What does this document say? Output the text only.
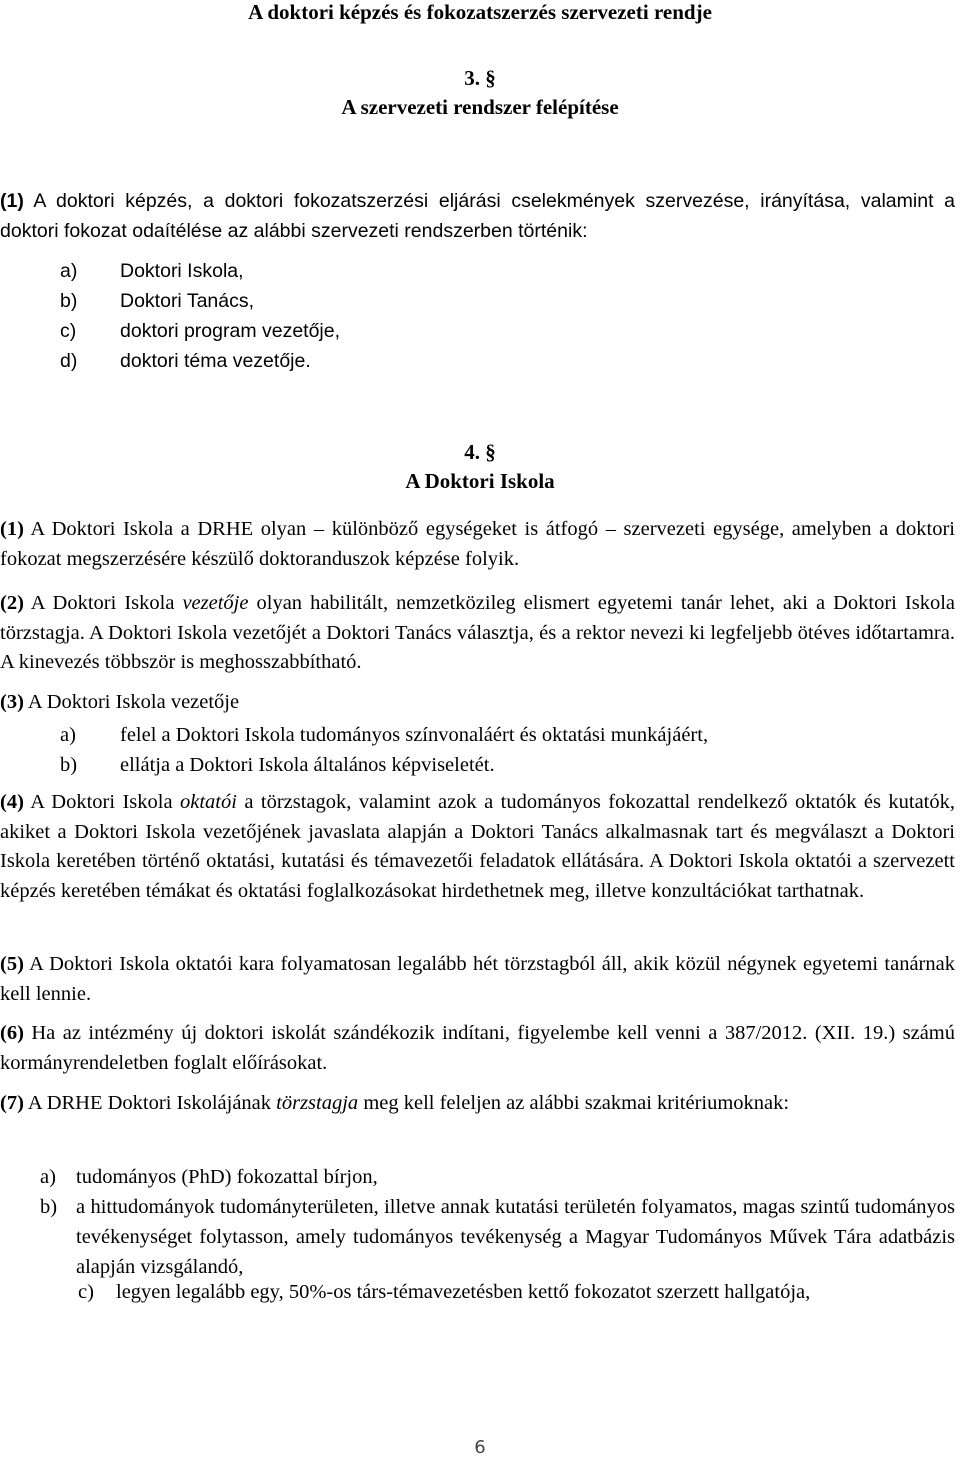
A doktori képzés és fokozatszerzés szervezeti rendje
3. §
A szervezeti rendszer felépítése
(1) A doktori képzés, a doktori fokozatszerzési eljárási cselekmények szervezése, irányítása, valamint a doktori fokozat odaítélése az alábbi szervezeti rendszerben történik:
a) Doktori Iskola,
b) Doktori Tanács,
c) doktori program vezetője,
d) doktori téma vezetője.
4. §
A Doktori Iskola
(1) A Doktori Iskola a DRHE olyan – különböző egységeket is átfogó – szervezeti egysége, amelyben a doktori fokozat megszerzésére készülő doktoranduszok képzése folyik.
(2) A Doktori Iskola vezetője olyan habilitált, nemzetközileg elismert egyetemi tanár lehet, aki a Doktori Iskola törzstagja. A Doktori Iskola vezetőjét a Doktori Tanács választja, és a rektor nevezi ki legfeljebb ötéves időtartamra. A kinevezés többször is meghosszabbítható.
(3) A Doktori Iskola vezetője
a) felel a Doktori Iskola tudományos színvonaláért és oktatási munkájáért,
b) ellátja a Doktori Iskola általános képviseletét.
(4) A Doktori Iskola oktatói a törzstagok, valamint azok a tudományos fokozattal rendelkező oktatók és kutatók, akiket a Doktori Iskola vezetőjének javaslata alapján a Doktori Tanács alkalmasnak tart és megválaszt a Doktori Iskola keretében történő oktatási, kutatási és témavezetői feladatok ellátására. A Doktori Iskola oktatói a szervezett képzés keretében témákat és oktatási foglalkozásokat hirdethetnek meg, illetve konzultációkat tarthatnak.
(5) A Doktori Iskola oktatói kara folyamatosan legalább hét törzstagból áll, akik közül négynek egyetemi tanárnak kell lennie.
(6) Ha az intézmény új doktori iskolát szándékozik indítani, figyelembe kell venni a 387/2012. (XII. 19.) számú kormányrendeletben foglalt előírásokat.
(7) A DRHE Doktori Iskolájának törzstagja meg kell feleljen az alábbi szakmai kritériumoknak:
a) tudományos (PhD) fokozattal bírjon,
b) a hittudományok tudományterületen, illetve annak kutatási területén folyamatos, magas szintű tudományos tevékenységet folytasson, amely tudományos tevékenység a Magyar Tudományos Művek Tára adatbázis alapján vizsgálandó,
c) legyen legalább egy, 50%-os társ-témavezetésben kettő fokozatot szerzett hallgatója,
6
